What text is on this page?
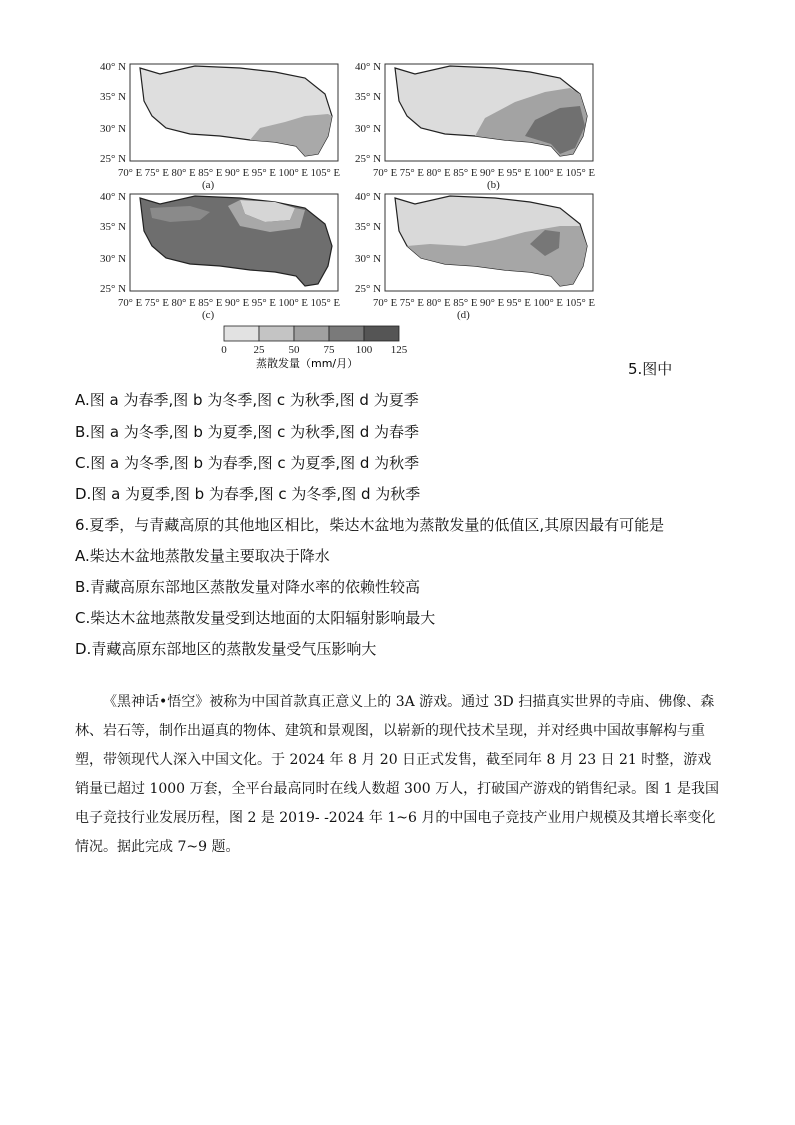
40° N
35° N
30° N
25° N
70° E 75° E 80° E 85° E 90° E 95° E 100° E 105° E
(a)
40° N
35° N
30° N
25° N
70° E 75° E 80° E 85° E 90° E 95° E 100° E 105° E
(b)
40° N
35° N
30° N
25° N
70° E 75° E 80° E 85° E 90° E 95° E 100° E 105° E
(c)
40° N
35° N
30° N
25° N
70° E 75° E 80° E 85° E 90° E 95° E 100° E 105° E
(d)
0 25 50 75 100 125
蒸散发量（mm/月）	5.图中
A.图 a 为春季,图 b 为冬季,图 c 为秋季,图 d 为夏季
B.图 a 为冬季,图 b 为夏季,图 c 为秋季,图 d 为春季
C.图 a 为冬季,图 b 为春季,图 c 为夏季,图 d 为秋季
D.图 a 为夏季,图 b 为春季,图 c 为冬季,图 d 为秋季
6.夏季，与青藏高原的其他地区相比，柴达木盆地为蒸散发量的低值区,其原因最有可能是
A.柴达木盆地蒸散发量主要取决于降水
B.青藏高原东部地区蒸散发量对降水率的依赖性较高
C.柴达木盆地蒸散发量受到达地面的太阳辐射影响最大
D.青藏高原东部地区的蒸散发量受气压影响大
《黑神话•悟空》被称为中国首款真正意义上的 3A 游戏。通过 3D 扫描真实世界的寺庙、佛像、森林、岩石等，制作出逼真的物体、建筑和景观图，以崭新的现代技术呈现，并对经典中国故事解构与重塑，带领现代人深入中国文化。于 2024 年 8 月 20 日正式发售，截至同年 8 月 23 日 21 时整，游戏销量已超过 1000 万套，全平台最高同时在线人数超 300 万人，打破国产游戏的销售纪录。图 1 是我国电子竞技行业发展历程，图 2 是 2019- -2024 年 1~6 月的中国电子竞技产业用户规模及其增长率变化情况。据此完成 7~9 题。
